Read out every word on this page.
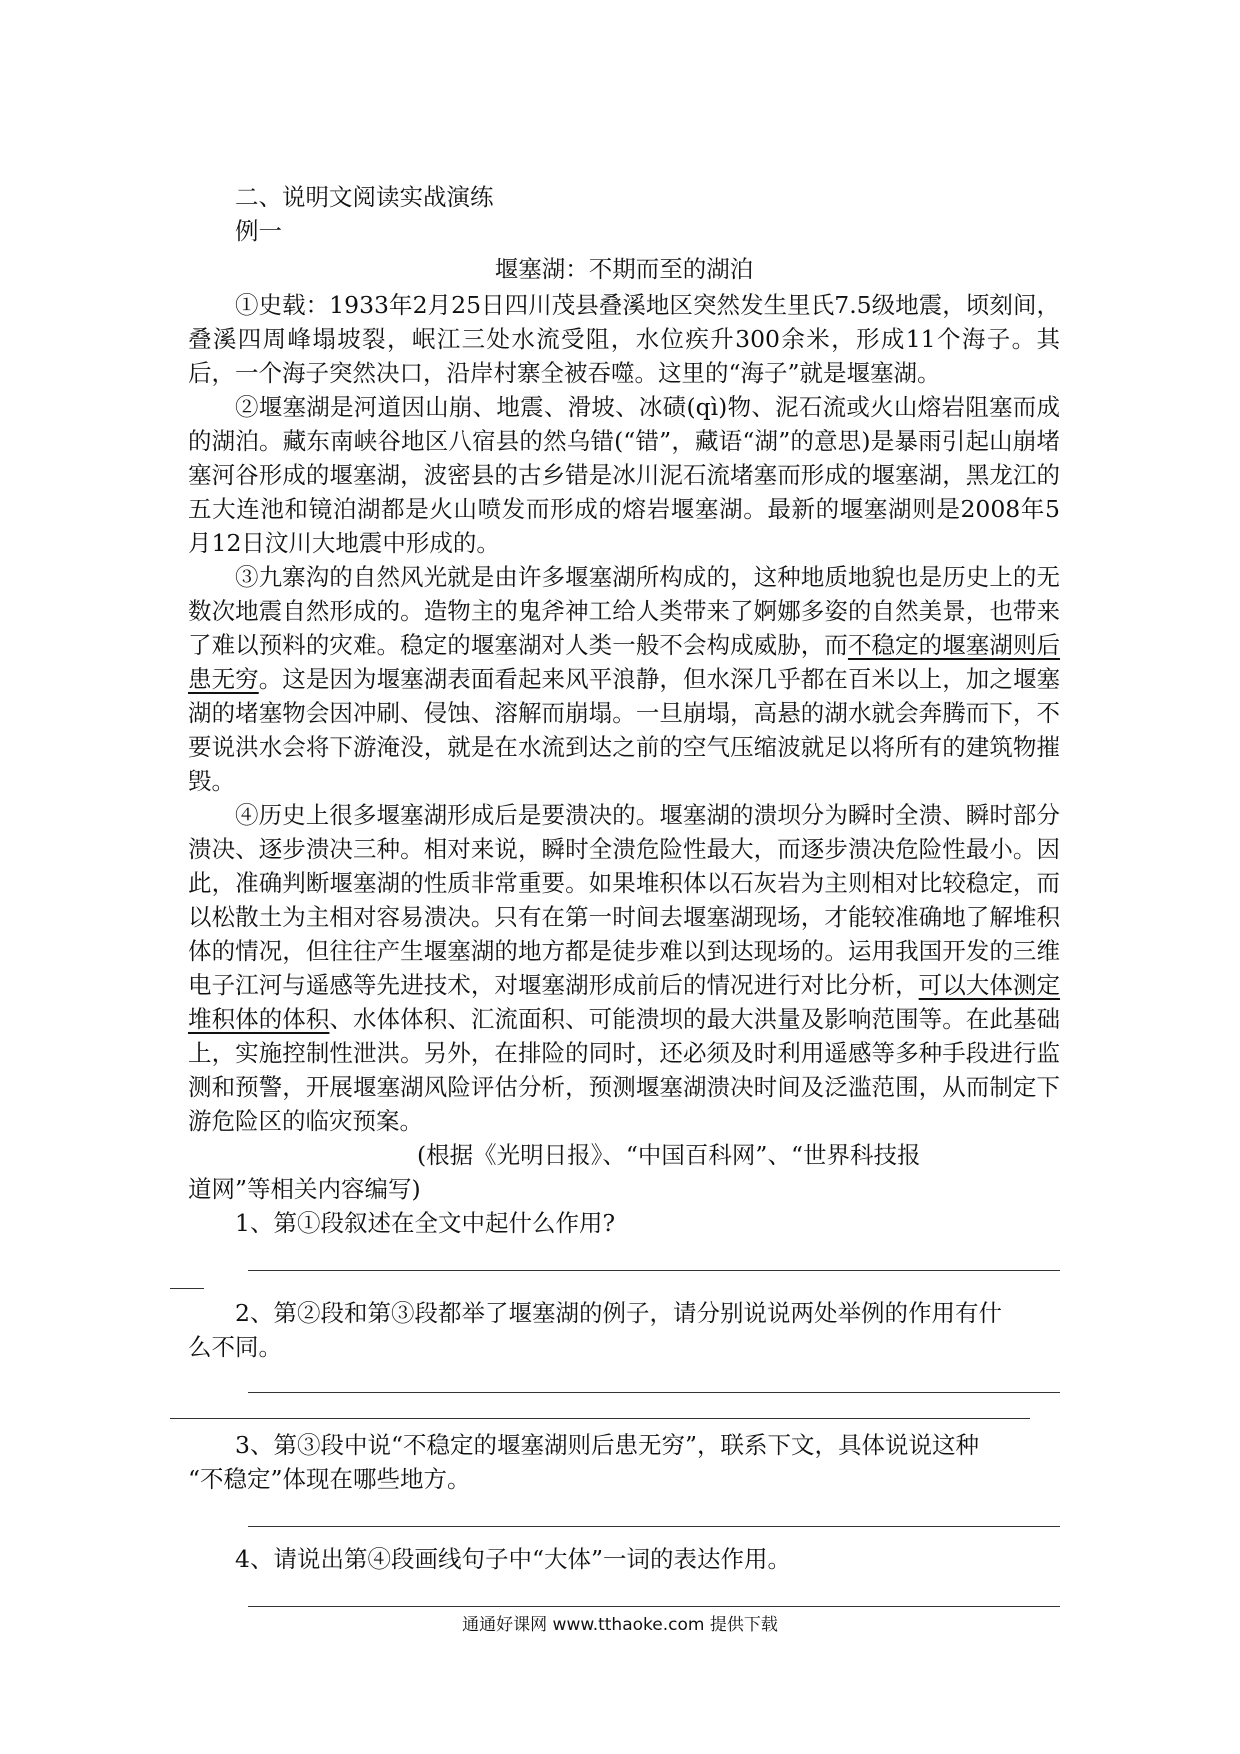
二、说明文阅读实战演练
例一
堰塞湖：不期而至的湖泊

①史载：1933年2月25日四川茂县叠溪地区突然发生里氏7.5级地震，顷刻间，叠溪四周峰塌坡裂，岷江三处水流受阻，水位疾升300余米，形成11个海子。其后，一个海子突然决口，沿岸村寨全被吞噬。这里的“海子”就是堰塞湖。

②堰塞湖是河道因山崩、地震、滑坡、冰碛(qì)物、泥石流或火山熔岩阻塞而成的湖泊。藏东南峡谷地区八宿县的然乌错(“错”，藏语“湖”的意思)是暴雨引起山崩堵塞河谷形成的堰塞湖，波密县的古乡错是冰川泥石流堵塞而形成的堰塞湖，黑龙江的五大连池和镜泊湖都是火山喷发而形成的熔岩堰塞湖。最新的堰塞湖则是2008年5月12日汶川大地震中形成的。

③九寨沟的自然风光就是由许多堰塞湖所构成的，这种地质地貌也是历史上的无数次地震自然形成的。造物主的鬼斧神工给人类带来了婀娜多姿的自然美景，也带来了难以预料的灾难。稳定的堰塞湖对人类一般不会构成威胁，而不稳定的堰塞湖则后患无穷。这是因为堰塞湖表面看起来风平浪静，但水深几乎都在百米以上，加之堰塞湖的堵塞物会因冲刷、侵蚀、溶解而崩塌。一旦崩塌，高悬的湖水就会奔腾而下，不要说洪水会将下游淹没，就是在水流到达之前的空气压缩波就足以将所有的建筑物摧毁。

④历史上很多堰塞湖形成后是要溃决的。堰塞湖的溃坝分为瞬时全溃、瞬时部分溃决、逐步溃决三种。相对来说，瞬时全溃危险性最大，而逐步溃决危险性最小。因此，准确判断堰塞湖的性质非常重要。如果堆积体以石灰岩为主则相对比较稳定，而以松散土为主相对容易溃决。只有在第一时间去堰塞湖现场，才能较准确地了解堆积体的情况，但往往产生堰塞湖的地方都是徒步难以到达现场的。运用我国开发的三维电子江河与遥感等先进技术，对堰塞湖形成前后的情况进行对比分析，可以大体测定堆积体的体积、水体体积、汇流面积、可能溃坝的最大洪量及影响范围等。在此基础上，实施控制性泄洪。另外，在排险的同时，还必须及时利用遥感等多种手段进行监测和预警，开展堰塞湖风险评估分析，预测堰塞湖溃决时间及泛滥范围，从而制定下游危险区的临灾预案。

(根据《光明日报》、“中国百科网”、“世界科技报
道网”等相关内容编写)
1、第①段叙述在全文中起什么作用?
2、第②段和第③段都举了堰塞湖的例子，请分别说说两处举例的作用有什
么不同。
3、第③段中说“不稳定的堰塞湖则后患无穷”，联系下文，具体说说这种
“不稳定”体现在哪些地方。
4、请说出第④段画线句子中“大体”一词的表达作用。
通通好课网 www.tthaoke.com 提供下载
